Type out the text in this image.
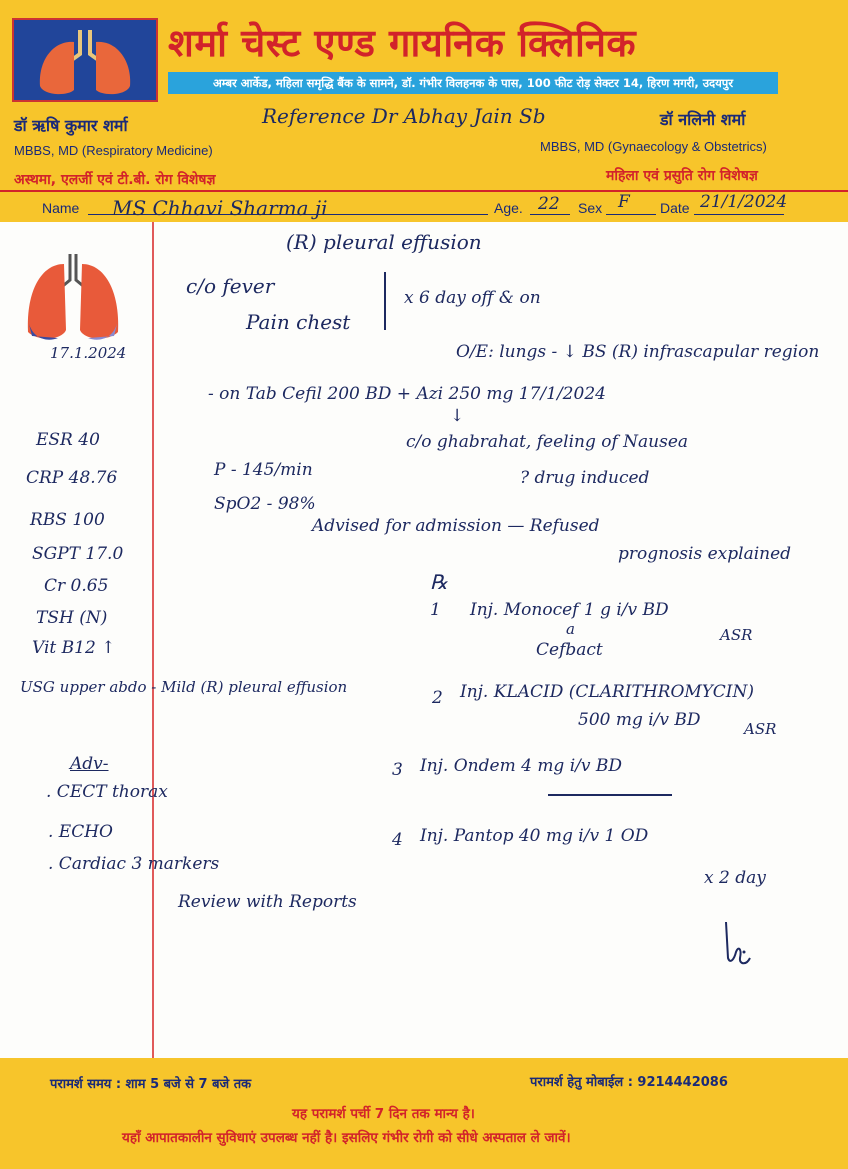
शर्मा चेस्ट एण्ड गायनिक क्लिनिक
अम्बर आर्केड, महिला समृद्धि बैंक के सामने, डॉ. गंभीर विलहनक के पास, 100 फीट रोड़ सेक्टर 14, हिरण मगरी, उदयपुर
डॉ ऋषि कुमार शर्मा
MBBS, MD (Respiratory Medicine)
अस्थमा, एलर्जी एवं टी.बी. रोग विशेषज्ञ
Reference Dr Abhay Jain Sb	डॉ नलिनी शर्मा
MBBS, MD (Gynaecology & Obstetrics)
महिला एवं प्रसुति रोग विशेषज्ञ
Name MS Chhavi Sharma ji	Age. 22 Sex F Date 21/1/2024
17.1.2024
ESR 40
CRP 48.76
RBS 100
SGPT 17.0
Cr 0.65
TSH (N)
Vit B12 ↑
USG upper abdo - Mild (R) pleural effusion
Adv-
. CECT thorax
. ECHO
. Cardiac 3 markers
Review with Reports
(R) pleural effusion
c/o fever
Pain chest
x 6 day off & on
O/E: lungs - ↓ BS (R) infrascapular region
- on Tab Cefil 200 BD + Azi 250 mg 17/1/2024
↓
c/o ghabrahat, feeling of Nausea
? drug induced
P - 145/min
SpO2 - 98%
Advised for admission — Refused
prognosis explained
℞
1 Inj. Monocef 1 g i/v BD
a	ASR
Cefbact
2 Inj. KLACID (CLARITHROMYCIN)
500 mg i/v BD	ASR
3 Inj. Ondem 4 mg i/v BD
4 Inj. Pantop 40 mg i/v 1 OD
x 2 day
परामर्श समय : शाम 5 बजे से 7 बजे तक	परामर्श हेतु मोबाईल : 9214442086
यह परामर्श पर्ची 7 दिन तक मान्य है।
यहाँ आपातकालीन सुविधाएं उपलब्ध नहीं है। इसलिए गंभीर रोगी को सीधे अस्पताल ले जावें।
